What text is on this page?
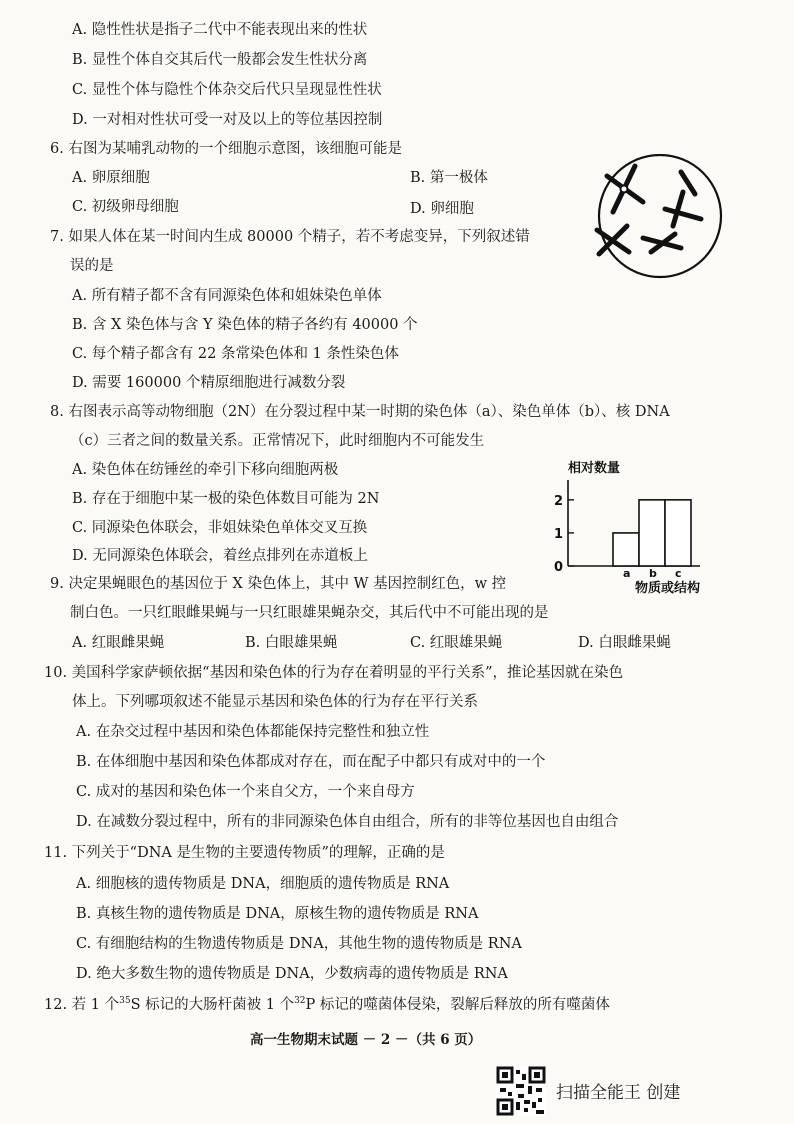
A. 隐性性状是指子二代中不能表现出来的性状
B. 显性个体自交其后代一般都会发生性状分离
C. 显性个体与隐性个体杂交后代只呈现显性性状
D. 一对相对性状可受一对及以上的等位基因控制
6. 右图为某哺乳动物的一个细胞示意图，该细胞可能是
A. 卵原细胞	B. 第一极体
C. 初级卵母细胞	D. 卵细胞
7. 如果人体在某一时间内生成 80000 个精子，若不考虑变异，下列叙述错
误的是
A. 所有精子都不含有同源染色体和姐妹染色单体
B. 含 X 染色体与含 Y 染色体的精子各约有 40000 个
C. 每个精子都含有 22 条常染色体和 1 条性染色体
D. 需要 160000 个精原细胞进行减数分裂
8. 右图表示高等动物细胞（2N）在分裂过程中某一时期的染色体（a）、染色单体（b）、核 DNA
（c）三者之间的数量关系。正常情况下，此时细胞内不可能发生
A. 染色体在纺锤丝的牵引下移向细胞两极
B. 存在于细胞中某一极的染色体数目可能为 2N
C. 同源染色体联会，非姐妹染色单体交叉互换
D. 无同源染色体联会，着丝点排列在赤道板上
相对数量
0
1
2
a b c
物质或结构
9. 决定果蝇眼色的基因位于 X 染色体上，其中 W 基因控制红色，w 控
制白色。一只红眼雌果蝇与一只红眼雄果蝇杂交，其后代中不可能出现的是
A. 红眼雌果蝇	B. 白眼雄果蝇	C. 红眼雄果蝇	D. 白眼雌果蝇
10. 美国科学家萨顿依据“基因和染色体的行为存在着明显的平行关系”，推论基因就在染色
体上。下列哪项叙述不能显示基因和染色体的行为存在平行关系
A. 在杂交过程中基因和染色体都能保持完整性和独立性
B. 在体细胞中基因和染色体都成对存在，而在配子中都只有成对中的一个
C. 成对的基因和染色体一个来自父方，一个来自母方
D. 在减数分裂过程中，所有的非同源染色体自由组合，所有的非等位基因也自由组合
11. 下列关于“DNA 是生物的主要遗传物质”的理解，正确的是
A. 细胞核的遗传物质是 DNA，细胞质的遗传物质是 RNA
B. 真核生物的遗传物质是 DNA，原核生物的遗传物质是 RNA
C. 有细胞结构的生物遗传物质是 DNA，其他生物的遗传物质是 RNA
D. 绝大多数生物的遗传物质是 DNA，少数病毒的遗传物质是 RNA
12. 若 1 个$^{35}$S 标记的大肠杆菌被 1 个$^{32}$P 标记的噬菌体侵染，裂解后释放的所有噬菌体
高一生物期末试题 － 2 －（共 6 页）
扫描全能王 创建
